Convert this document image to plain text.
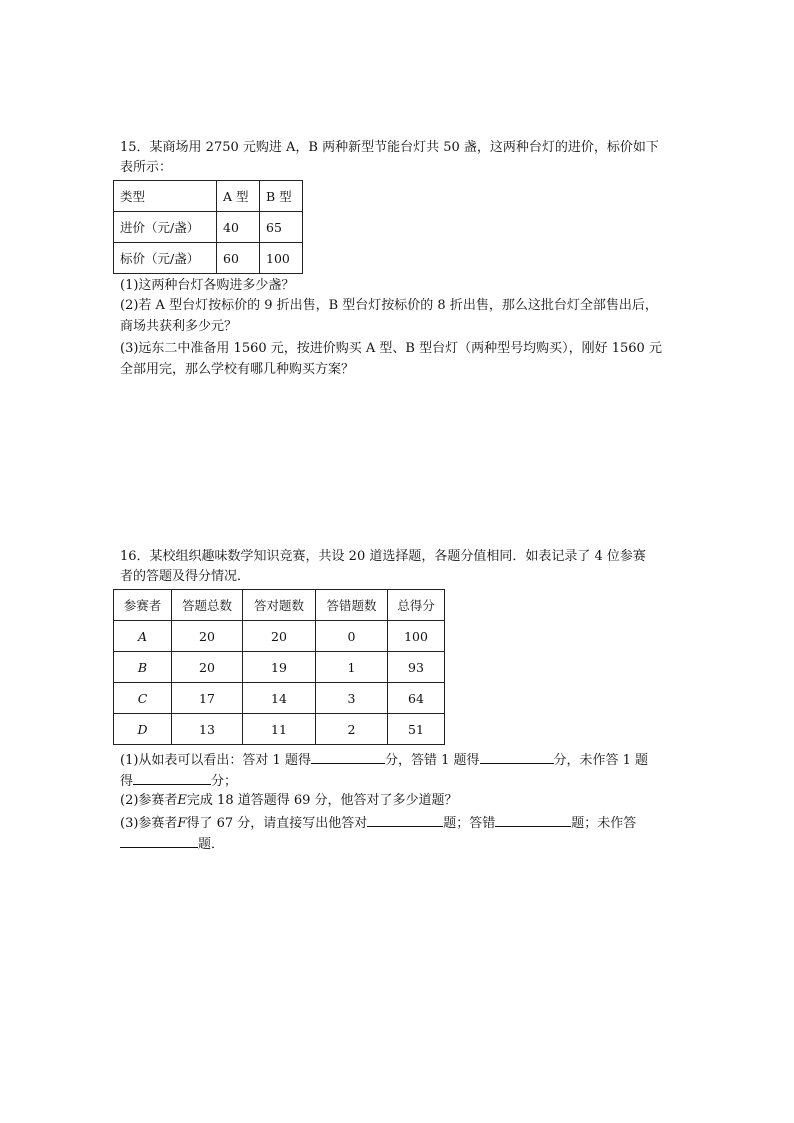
15．某商场用 2750 元购进 A，B 两种新型节能台灯共 50 盏，这两种台灯的进价，标价如下
表所示：
类型	A 型	B 型
进价（元/盏）	40	65
标价（元/盏）	60	100
(1)这两种台灯各购进多少盏？
(2)若 A 型台灯按标价的 9 折出售，B 型台灯按标价的 8 折出售，那么这批台灯全部售出后，
商场共获利多少元？
(3)远东二中准备用 1560 元，按进价购买 A 型、B 型台灯（两种型号均购买），刚好 1560 元
全部用完，那么学校有哪几种购买方案？
16．某校组织趣味数学知识竞赛，共设 20 道选择题，各题分值相同．如表记录了 4 位参赛
者的答题及得分情况．
参赛者	答题总数	答对题数	答错题数	总得分
A	20	20	0	100
B	20	19	1	93
C	17	14	3	64
D	13	11	2	51
(1)从如表可以看出：答对 1 题得	分，答错 1 题得	分，未作答 1 题
得	分；
(2)参赛者E完成 18 道答题得 69 分，他答对了多少道题？
(3)参赛者F得了 67 分，请直接写出他答对	题；答错	题；未作答
题．
